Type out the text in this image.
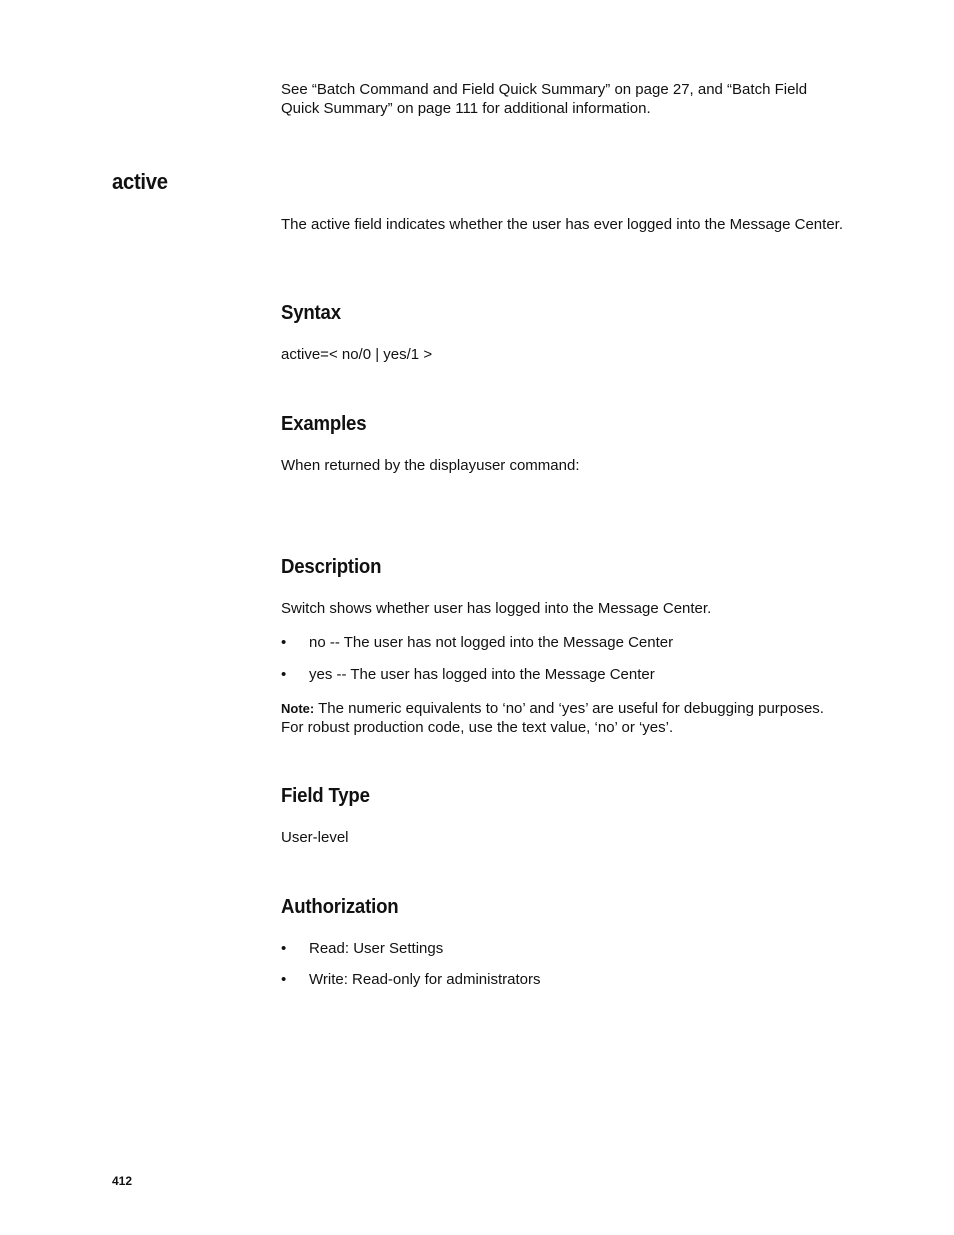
See “Batch Command and Field Quick Summary” on page 27, and “Batch Field Quick Summary” on page 111 for additional information.
active
The active field indicates whether the user has ever logged into the Message Center.
Syntax
active=< no/0 | yes/1 >
Examples
When returned by the displayuser command:
Description
Switch shows whether user has logged into the Message Center.
• no -- The user has not logged into the Message Center
• yes -- The user has logged into the Message Center
Note: The numeric equivalents to ‘no’ and ‘yes’ are useful for debugging purposes. For robust production code, use the text value, ‘no’ or ‘yes’.
Field Type
User-level
Authorization
• Read: User Settings
• Write: Read-only for administrators
412
